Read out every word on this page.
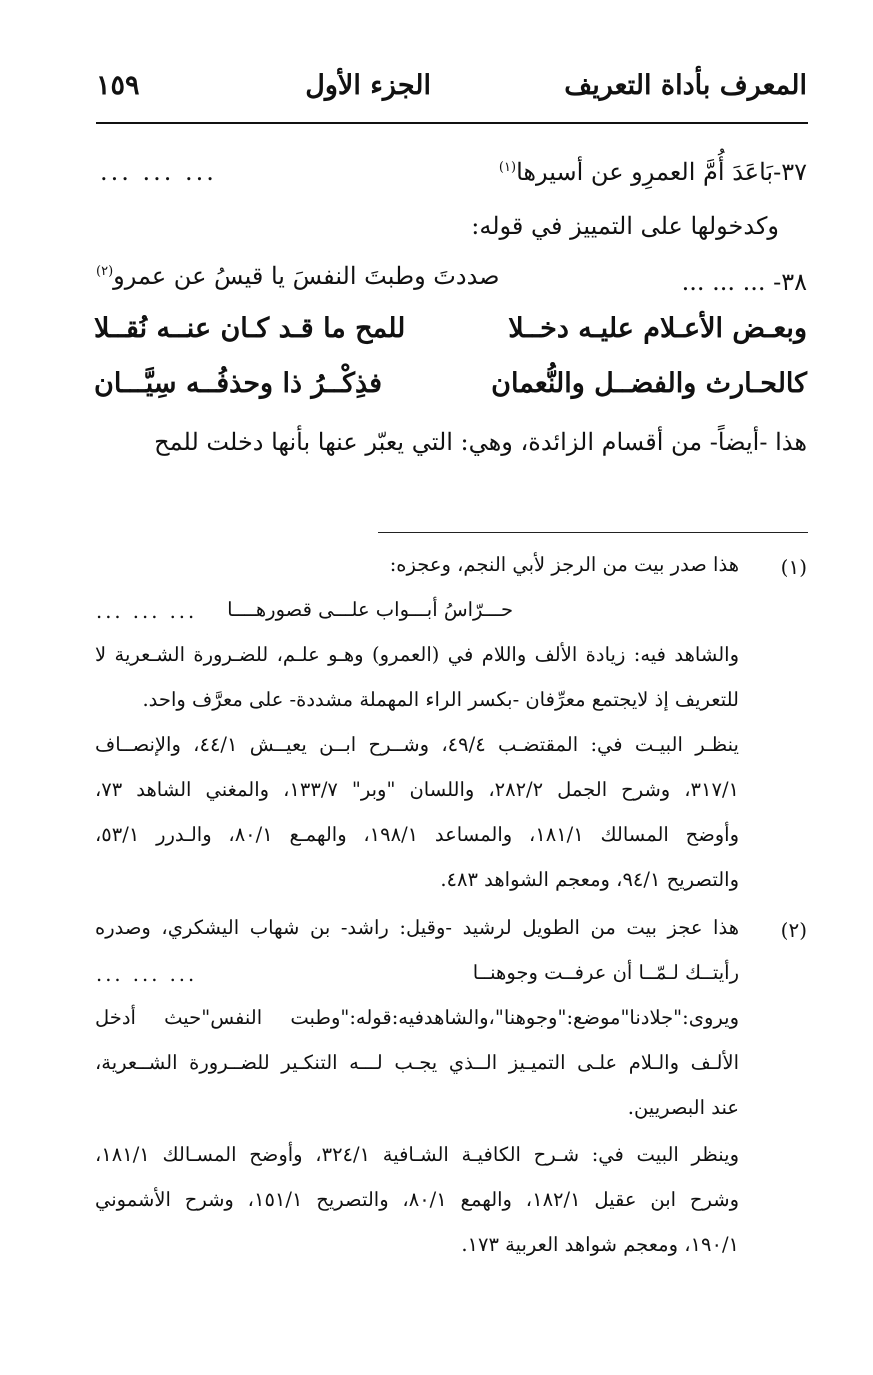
المعرف بأداة التعريف
الجزء الأول
١٥٩
٣٧-بَاعَدَ أُمَّ العمرِو عن أسيرها$^{(١)}$
... ... ...
وكدخولها على التمييز في قوله:
٣٨- ... ... ...
صددتَ وطبتَ النفسَ يا قيسُ عن عمرو$^{(٢)}$
وبعـض الأعـلام عليـه دخــلا
للمح ما قـد كـان عنــه نُقــلا
كالحـارث والفضــل والنُّعمان
فذِكْــرُ ذا وحذفُــه سِيَّـــان
هذا -أيضاً- من أقسام الزائدة، وهي: التي يعبّر عنها بأنها دخلت للمح
(١)
هذا صدر بيت من الرجز لأبي النجم، وعجزه:
حـــرّاسُ أبـــواب علـــى قصورهــــا
... ... ...
والشاهد فيه: زيادة الألف واللام في (العمرو) وهـو علـم، للضـرورة الشـعرية لا
للتعريف إذ لايجتمع معرِّفان -بكسر الراء المهملة مشددة- على معرَّف واحد.
ينظـر البيـت في: المقتضـب ٤٩/٤، وشــرح ابــن يعيــش ٤٤/١، والإنصــاف
٣١٧/١، وشرح الجمل ٢٨٢/٢، واللسان "وبر" ١٣٣/٧، والمغني الشاهد ٧٣،
وأوضح المسالك ١٨١/١، والمساعد ١٩٨/١، والهمـع ٨٠/١، والـدرر ٥٣/١،
والتصريح ٩٤/١، ومعجم الشواهد ٤٨٣.
(٢)
هذا عجز بيت من الطويل لرشيد -وقيل: راشد- بن شهاب اليشكري، وصدره
رأيتــك لـمّــا أن عرفــت وجوهنــا
... ... ...
ويروى:"جلادنا"موضع:"وجوهنا"،والشاهدفيه:قوله:"وطبت النفس"حيث أدخل
الألـف والـلام علـى التميـيز الــذي يجـب لـــه التنكـير للضــرورة الشــعرية،
عند البصريين.
وينظر البيت في: شـرح الكافيـة الشـافية ٣٢٤/١، وأوضح المسـالك ١٨١/١،
وشرح ابن عقيل ١٨٢/١، والهمع ٨٠/١، والتصريح ١٥١/١، وشرح الأشموني
١٩٠/١، ومعجم شواهد العربية ١٧٣.
